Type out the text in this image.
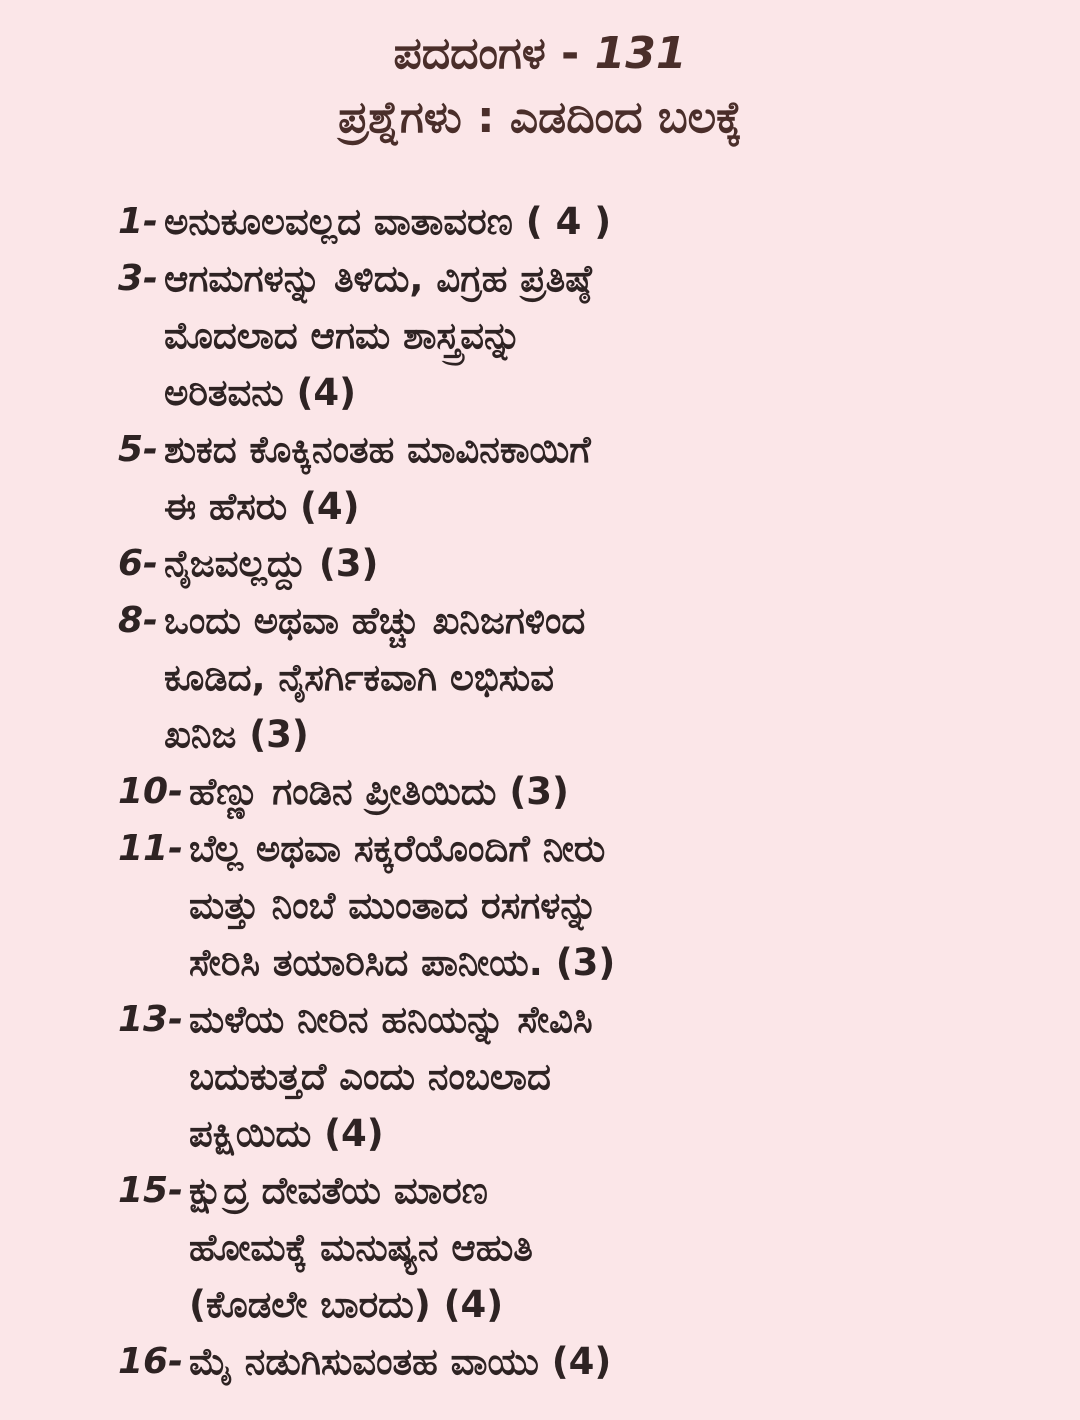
ಪದದಂಗಳ - 131
ಪ್ರಶ್ನೆಗಳು : ಎಡದಿಂದ ಬಲಕ್ಕೆ
1- ಅನುಕೂಲವಲ್ಲದ ವಾತಾವರಣ ( 4 )
3- ಆಗಮಗಳನ್ನು ತಿಳಿದು, ವಿಗ್ರಹ ಪ್ರತಿಷ್ಠೆ
ಮೊದಲಾದ ಆಗಮ ಶಾಸ್ತ್ರವನ್ನು
ಅರಿತವನು (4)
5- ಶುಕದ ಕೊಕ್ಕಿನಂತಹ ಮಾವಿನಕಾಯಿಗೆ
ಈ ಹೆಸರು (4)
6- ನೈಜವಲ್ಲದ್ದು (3)
8- ಒಂದು ಅಥವಾ ಹೆಚ್ಚು ಖನಿಜಗಳಿಂದ
ಕೂಡಿದ, ನೈಸರ್ಗಿಕವಾಗಿ ಲಭಿಸುವ
ಖನಿಜ (3)
10- ಹೆಣ್ಣು ಗಂಡಿನ ಪ್ರೀತಿಯಿದು (3)
11- ಬೆಲ್ಲ ಅಥವಾ ಸಕ್ಕರೆಯೊಂದಿಗೆ ನೀರು
ಮತ್ತು ನಿಂಬೆ ಮುಂತಾದ ರಸಗಳನ್ನು
ಸೇರಿಸಿ ತಯಾರಿಸಿದ ಪಾನೀಯ. (3)
13- ಮಳೆಯ ನೀರಿನ ಹನಿಯನ್ನು ಸೇವಿಸಿ
ಬದುಕುತ್ತದೆ ಎಂದು ನಂಬಲಾದ
ಪಕ್ಷಿಯಿದು (4)
15- ಕ್ಷುದ್ರ ದೇವತೆಯ ಮಾರಣ
ಹೋಮಕ್ಕೆ ಮನುಷ್ಯನ ಆಹುತಿ
(ಕೊಡಲೇ ಬಾರದು) (4)
16- ಮೈ ನಡುಗಿಸುವಂತಹ ವಾಯು (4)
